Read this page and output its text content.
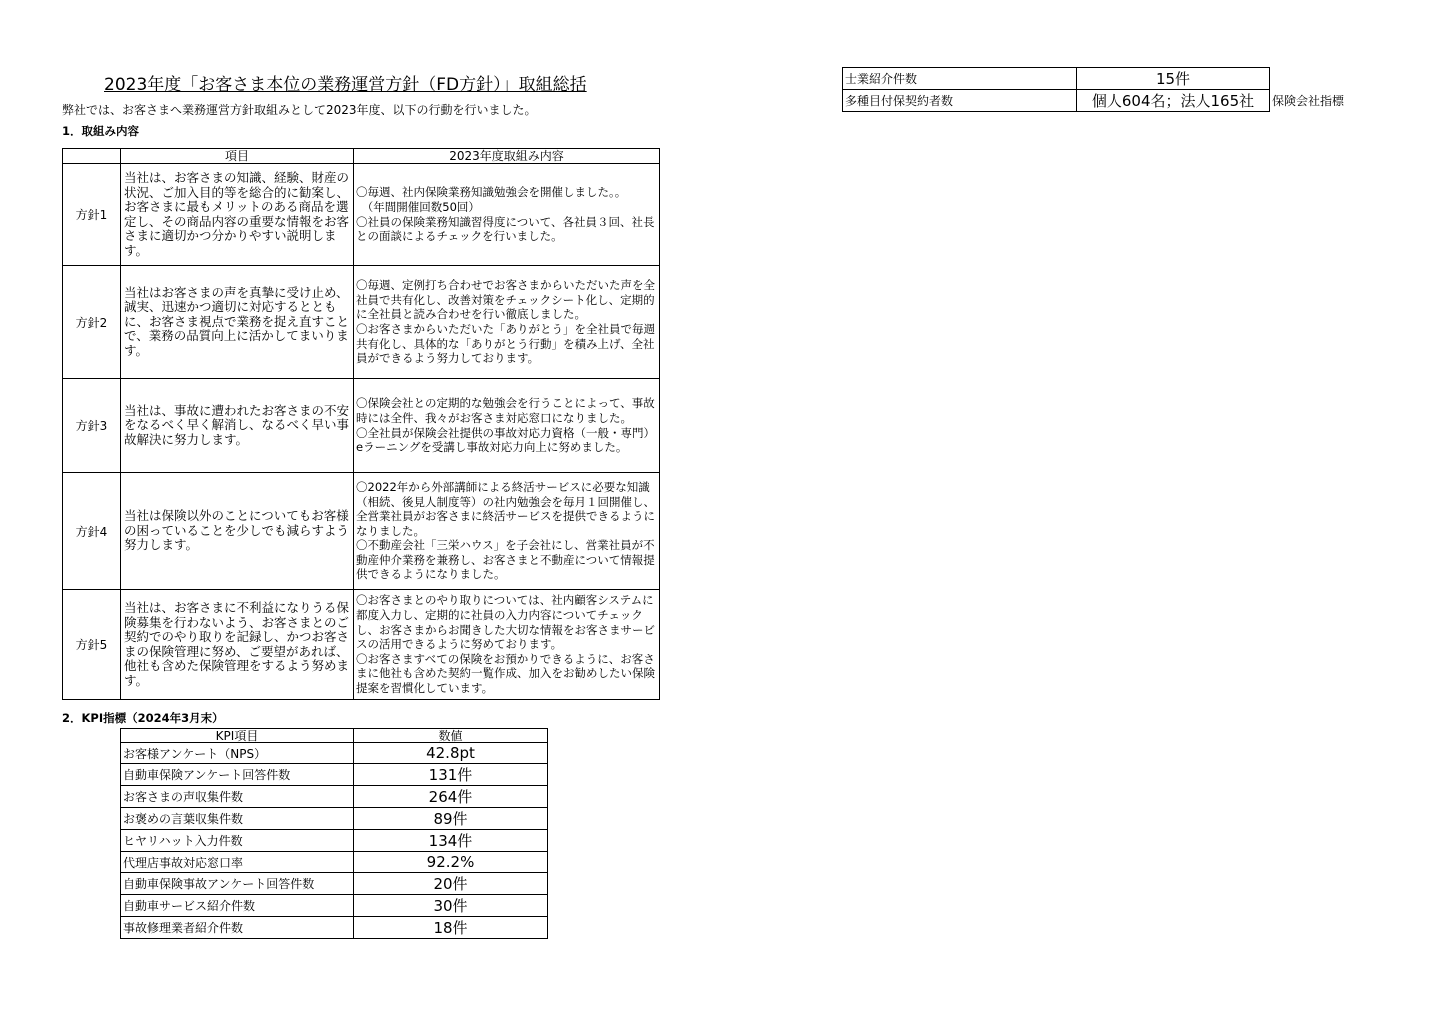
2023年度「お客さま本位の業務運営方針（FD方針）」取組総括
弊社では、お客さまへ業務運営方針取組みとして2023年度、以下の行動を行いました。
1．取組み内容
	項目	2023年度取組み内容
方針1	当社は、お客さまの知識、経験、財産の状況、ご加入目的等を総合的に勧案し、お客さまに最もメリットのある商品を選定し、その商品内容の重要な情報をお客さまに適切かつ分かりやすい説明します。	〇毎週、社内保険業務知識勉強会を開催しました。。
　（年間開催回数50回）
〇社員の保険業務知識習得度について、各社員３回、社長との面談によるチェックを行いました。

方針2	当社はお客さまの声を真摯に受け止め、誠実、迅速かつ適切に対応するとともに、お客さま視点で業務を捉え直すことで、業務の品質向上に活かしてまいります。	〇毎週、定例打ち合わせでお客さまからいただいた声を全社員で共有化し、改善対策をチェックシート化し、定期的に全社員と読み合わせを行い徹底しました。
〇お客さまからいただいた「ありがとう」を全社員で毎週共有化し、具体的な「ありがとう行動」を積み上げ、全社員ができるよう努力しております。

方針3	当社は、事故に遭われたお客さまの不安をなるべく早く解消し、なるべく早い事故解決に努力します。	〇保険会社との定期的な勉強会を行うことによって、事故時には全件、我々がお客さま対応窓口になりました。
〇全社員が保険会社提供の事故対応力資格（一般・専門）eラーニングを受講し事故対応力向上に努めました。

方針4	当社は保険以外のことについてもお客様の困っていることを少しでも減らすよう努力します。	〇2022年から外部講師による終活サービスに必要な知識（相続、後見人制度等）の社内勉強会を毎月１回開催し、全営業社員がお客さまに終活サービスを提供できるようになりました。
〇不動産会社「三栄ハウス」を子会社にし、営業社員が不動産仲介業務を兼務し、お客さまと不動産について情報提供できるようになりました。

方針5	当社は、お客さまに不利益になりうる保険募集を行わないよう、お客さまとのご契約でのやり取りを記録し、かつお客さまの保険管理に努め、ご要望があれば、他社も含めた保険管理をするよう努めます。	〇お客さまとのやり取りについては、社内顧客システムに都度入力し、定期的に社員の入力内容についてチェックし、お客さまからお聞きした大切な情報をお客さまサービスの活用できるように努めております。
〇お客さますべての保険をお預かりできるように、お客さまに他社も含めた契約一覧作成、加入をお勧めしたい保険提案を習慣化しています。
2．KPI指標（2024年3月末）
KPI項目	数値
お客様アンケート（NPS）	42.8pt
自動車保険アンケート回答件数	131件
お客さまの声収集件数	264件
お褒めの言葉収集件数	89件
ヒヤリハット入力件数	134件
代理店事故対応窓口率	92.2%
自動車保険事故アンケート回答件数	20件
自動車サービス紹介件数	30件
事故修理業者紹介件数	18件
士業紹介件数	15件
多種目付保契約者数	個人604名；法人165社 保険会社指標
